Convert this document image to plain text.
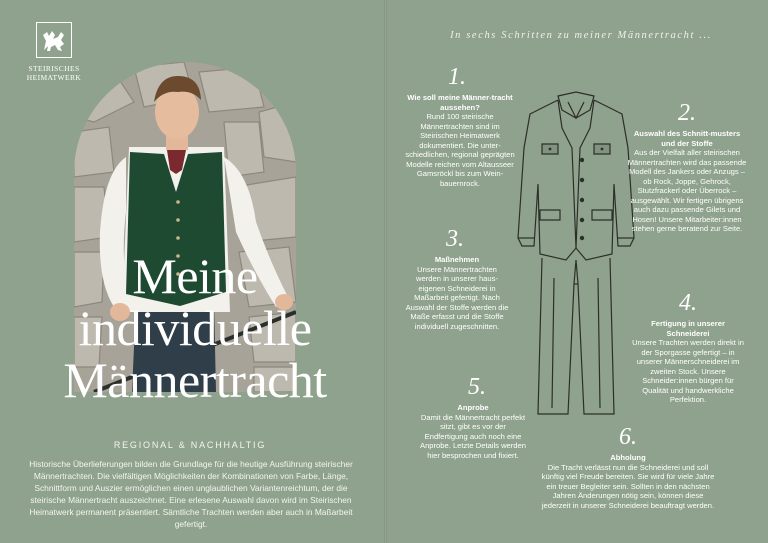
STEIRISCHES
HEIMATWERK
Meine
individuelle
Männertracht
REGIONAL & NACHHALTIG
Historische Überlieferungen bilden die Grundlage für die heutige Ausführung steirischer Männertrachten. Die vielfältigen Möglichkeiten der Kombinationen von Farbe, Länge, Schnittform und Auszier ermöglichen einen unglaublichen Variantenreichtum, der die steirische Männertracht auszeichnet. Eine erlesene Auswahl davon wird im Steirischen Heimatwerk permanent präsentiert. Sämtliche Trachten werden aber auch in Maßarbeit gefertigt.
In sechs Schritten zu meiner Männertracht ...
1.
Wie soll meine Männer-tracht aussehen?
Rund 100 steirische Männertrachten sind im Steirischen Heimatwerk dokumentiert. Die unter-schiedlichen, regional geprägten Modelle reichen vom Altausseer Gamsröckl bis zum Wein-bauernrock.
2.
Auswahl des Schnitt-musters und der Stoffe
Aus der Vielfalt aller steirischen Männertrachten wird das passende Modell des Jankers oder Anzugs – ob Rock, Joppe, Gehrock, Stutzfrackerl oder Überrock – ausgewählt. Wir fertigen übrigens auch dazu passende Gilets und Hosen! Unsere Mitarbeiter:innen stehen gerne beratend zur Seite.
3.
Maßnehmen
Unsere Männertrachten werden in unserer haus-eigenen Schneiderei in Maßarbeit gefertigt. Nach Auswahl der Stoffe werden die Maße erfasst und die Stoffe individuell zugeschnitten.
4.
Fertigung in unserer Schneiderei
Unsere Trachten werden direkt in der Sporgasse gefertigt – in unserer Männerschneiderei im zweiten Stock. Unsere Schneider:innen bürgen für Qualität und handwerkliche Perfektion.
5.
Anprobe
Damit die Männertracht perfekt sitzt, gibt es vor der Endfertigung auch noch eine Anprobe. Letzte Details werden hier besprochen und fixiert.
6.
Abholung
Die Tracht verlässt nun die Schneiderei und soll künftig viel Freude bereiten. Sie wird für viele Jahre ein treuer Begleiter sein. Sollten in den nächsten Jahren Änderungen nötig sein, können diese jederzeit in unserer Schneiderei beauftragt werden.
